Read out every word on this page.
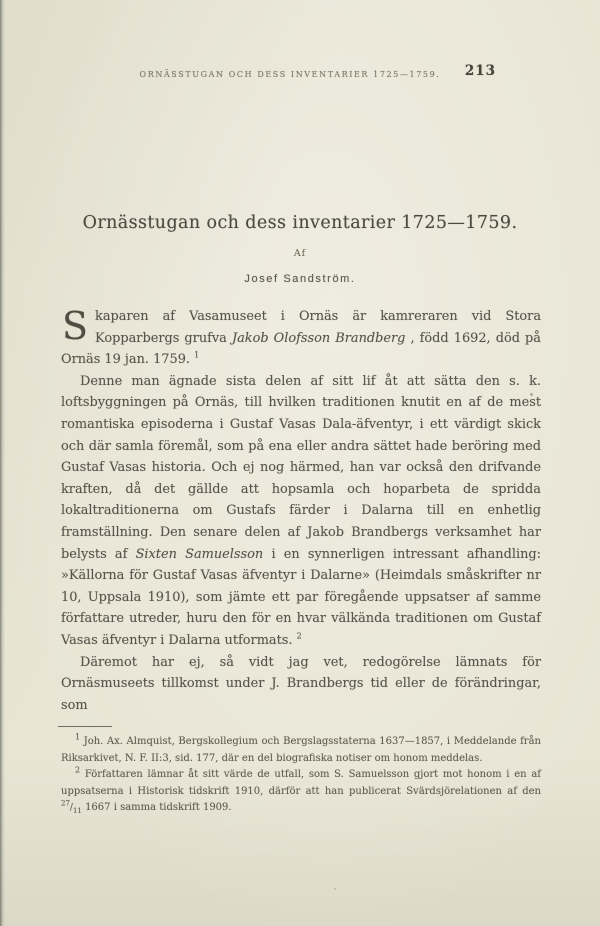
ORNÄSSTUGAN OCH DESS INVENTARIER 1725—1759.	213
Ornässtugan och dess inventarier 1725—1759.
Af
Josef Sandström.

S kaparen af Vasamuseet i Ornäs är kamreraren vid Stora Kopparbergs grufva Jakob Olofsson Brandberg , född 1692, död på Ornäs 19 jan. 1759. $^1$

Denne man ägnade sista delen af sitt lif åt att sätta den s. k. loftsbyggningen på Ornäs, till hvilken traditionen knutit en af de mest romantiska episoderna i Gustaf Vasas Dala-äfventyr, i ett värdigt skick och där samla föremål, som på ena eller andra sättet hade beröring med Gustaf Vasas historia. Och ej nog härmed, han var också den drifvande kraften, då det gällde att hopsamla och hoparbeta de spridda lokaltraditionerna om Gustafs färder i Dalarna till en enhetlig framställning. Den senare delen af Jakob Brandbergs verksamhet har belysts af Sixten Samuelsson i en synnerligen intressant afhandling: »Källorna för Gustaf Vasas äfventyr i Dalarne» (Heimdals småskrifter nr 10, Uppsala 1910), som jämte ett par föregående uppsatser af samme författare utreder, huru den för en hvar välkända traditionen om Gustaf Vasas äfventyr i Dalarna utformats. $^2$

Däremot har ej, så vidt jag vet, redogörelse lämnats för Ornäsmuseets tillkomst under J. Brandbergs tid eller de förändringar, som

$^1$ Joh. Ax. Almquist, Bergskollegium och Bergslagsstaterna 1637—1857, i Meddelande från Riksarkivet, N. F. II:3, sid. 177, där en del biografiska notiser om honom meddelas.

$^2$ Författaren lämnar åt sitt värde de utfall, som S. Samuelsson gjort mot honom i en af uppsatserna i Historisk tidskrift 1910, därför att han publicerat Svärdsjörelationen af den $^{27}/_{11}$ 1667 i samma tidskrift 1909.
